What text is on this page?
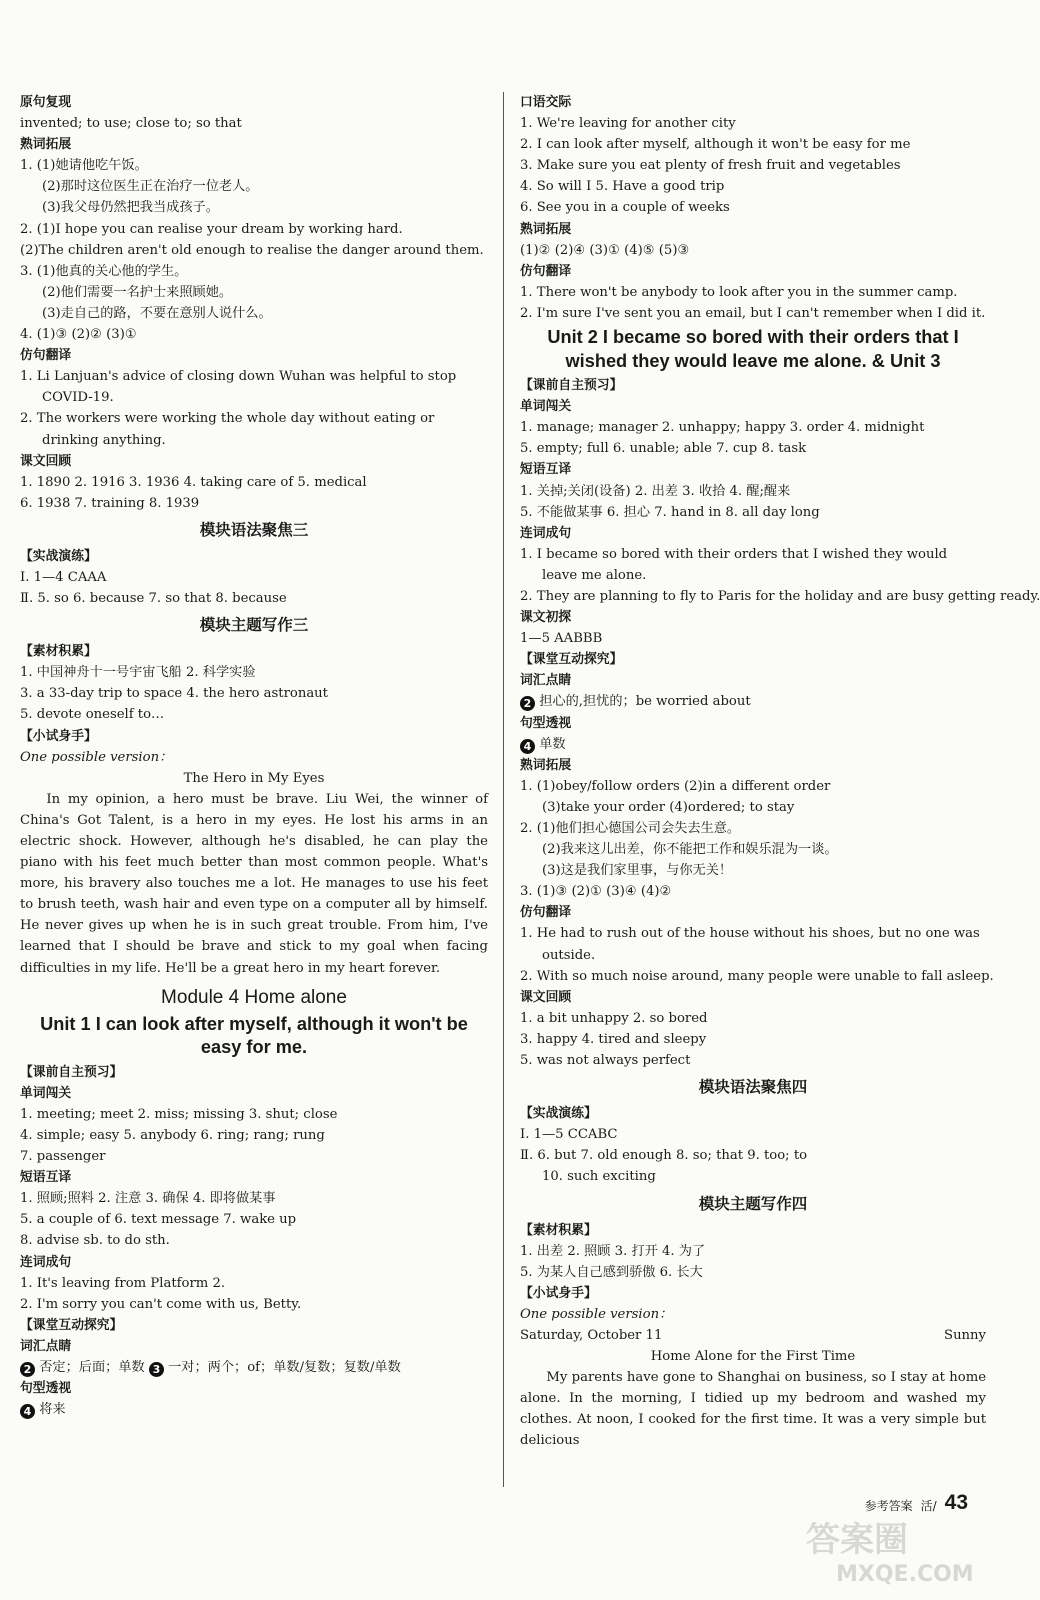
原句复现
invented; to use; close to; so that
熟词拓展
1. (1)她请他吃午饭。
(2)那时这位医生正在治疗一位老人。
(3)我父母仍然把我当成孩子。
2. (1)I hope you can realise your dream by working hard.
(2)The children aren't old enough to realise the danger around them.
3. (1)他真的关心他的学生。
(2)他们需要一名护士来照顾她。
(3)走自己的路，不要在意别人说什么。
4. (1)③ (2)② (3)①
仿句翻译
1. Li Lanjuan's advice of closing down Wuhan was helpful to stop COVID-19.
2. The workers were working the whole day without eating or drinking anything.
课文回顾
1. 1890 2. 1916 3. 1936 4. taking care of 5. medical
6. 1938 7. training 8. 1939
模块语法聚焦三
【实战演练】
Ⅰ. 1—4 CAAA
Ⅱ. 5. so 6. because 7. so that 8. because
模块主题写作三
【素材积累】
1. 中国神舟十一号宇宙飞船 2. 科学实验
3. a 33-day trip to space 4. the hero astronaut
5. devote oneself to…
【小试身手】
One possible version：
The Hero in My Eyes
In my opinion, a hero must be brave. Liu Wei, the winner of China's Got Talent, is a hero in my eyes. He lost his arms in an electric shock. However, although he's disabled, he can play the piano with his feet much better than most common people. What's more, his bravery also touches me a lot. He manages to use his feet to brush teeth, wash hair and even type on a computer all by himself. He never gives up when he is in such great trouble. From him, I've learned that I should be brave and stick to my goal when facing difficulties in my life. He'll be a great hero in my heart forever.
Module 4 Home alone
Unit 1 I can look after myself, although it won't be easy for me.
【课前自主预习】
单词闯关
1. meeting; meet 2. miss; missing 3. shut; close
4. simple; easy 5. anybody 6. ring; rang; rung
7. passenger
短语互译
1. 照顾;照料 2. 注意 3. 确保 4. 即将做某事
5. a couple of 6. text message 7. wake up
8. advise sb. to do sth.
连词成句
1. It's leaving from Platform 2.
2. I'm sorry you can't come with us, Betty.
【课堂互动探究】
词汇点睛
2 否定；后面；单数 3 一对；两个；of；单数/复数；复数/单数
句型透视
4 将来
口语交际
1. We're leaving for another city
2. I can look after myself, although it won't be easy for me
3. Make sure you eat plenty of fresh fruit and vegetables
4. So will I 5. Have a good trip
6. See you in a couple of weeks
熟词拓展
(1)② (2)④ (3)① (4)⑤ (5)③
仿句翻译
1. There won't be anybody to look after you in the summer camp.
2. I'm sure I've sent you an email, but I can't remember when I did it.
Unit 2 I became so bored with their orders that I wished they would leave me alone. & Unit 3
【课前自主预习】
单词闯关
1. manage; manager 2. unhappy; happy 3. order 4. midnight
5. empty; full 6. unable; able 7. cup 8. task
短语互译
1. 关掉;关闭(设备) 2. 出差 3. 收拾 4. 醒;醒来
5. 不能做某事 6. 担心 7. hand in 8. all day long
连词成句
1. I became so bored with their orders that I wished they would leave me alone.
2. They are planning to fly to Paris for the holiday and are busy getting ready.
课文初探
1—5 AABBB
【课堂互动探究】
词汇点睛
2 担心的,担忧的；be worried about
句型透视
4 单数
熟词拓展
1. (1)obey/follow orders (2)in a different order
(3)take your order (4)ordered; to stay
2. (1)他们担心德国公司会失去生意。
(2)我来这儿出差，你不能把工作和娱乐混为一谈。
(3)这是我们家里事，与你无关！
3. (1)③ (2)① (3)④ (4)②
仿句翻译
1. He had to rush out of the house without his shoes, but no one was outside.
2. With so much noise around, many people were unable to fall asleep.
课文回顾
1. a bit unhappy 2. so bored
3. happy 4. tired and sleepy
5. was not always perfect
模块语法聚焦四
【实战演练】
Ⅰ. 1—5 CCABC
Ⅱ. 6. but 7. old enough 8. so; that 9. too; to
10. such exciting
模块主题写作四
【素材积累】
1. 出差 2. 照顾 3. 打开 4. 为了
5. 为某人自己感到骄傲 6. 长大
【小试身手】
One possible version：
Saturday, October 11	Sunny
Home Alone for the First Time
My parents have gone to Shanghai on business, so I stay at home alone. In the morning, I tidied up my bedroom and washed my clothes. At noon, I cooked for the first time. It was a very simple but delicious
参考答案 活/ 43
答案圈
MXQE.COM
